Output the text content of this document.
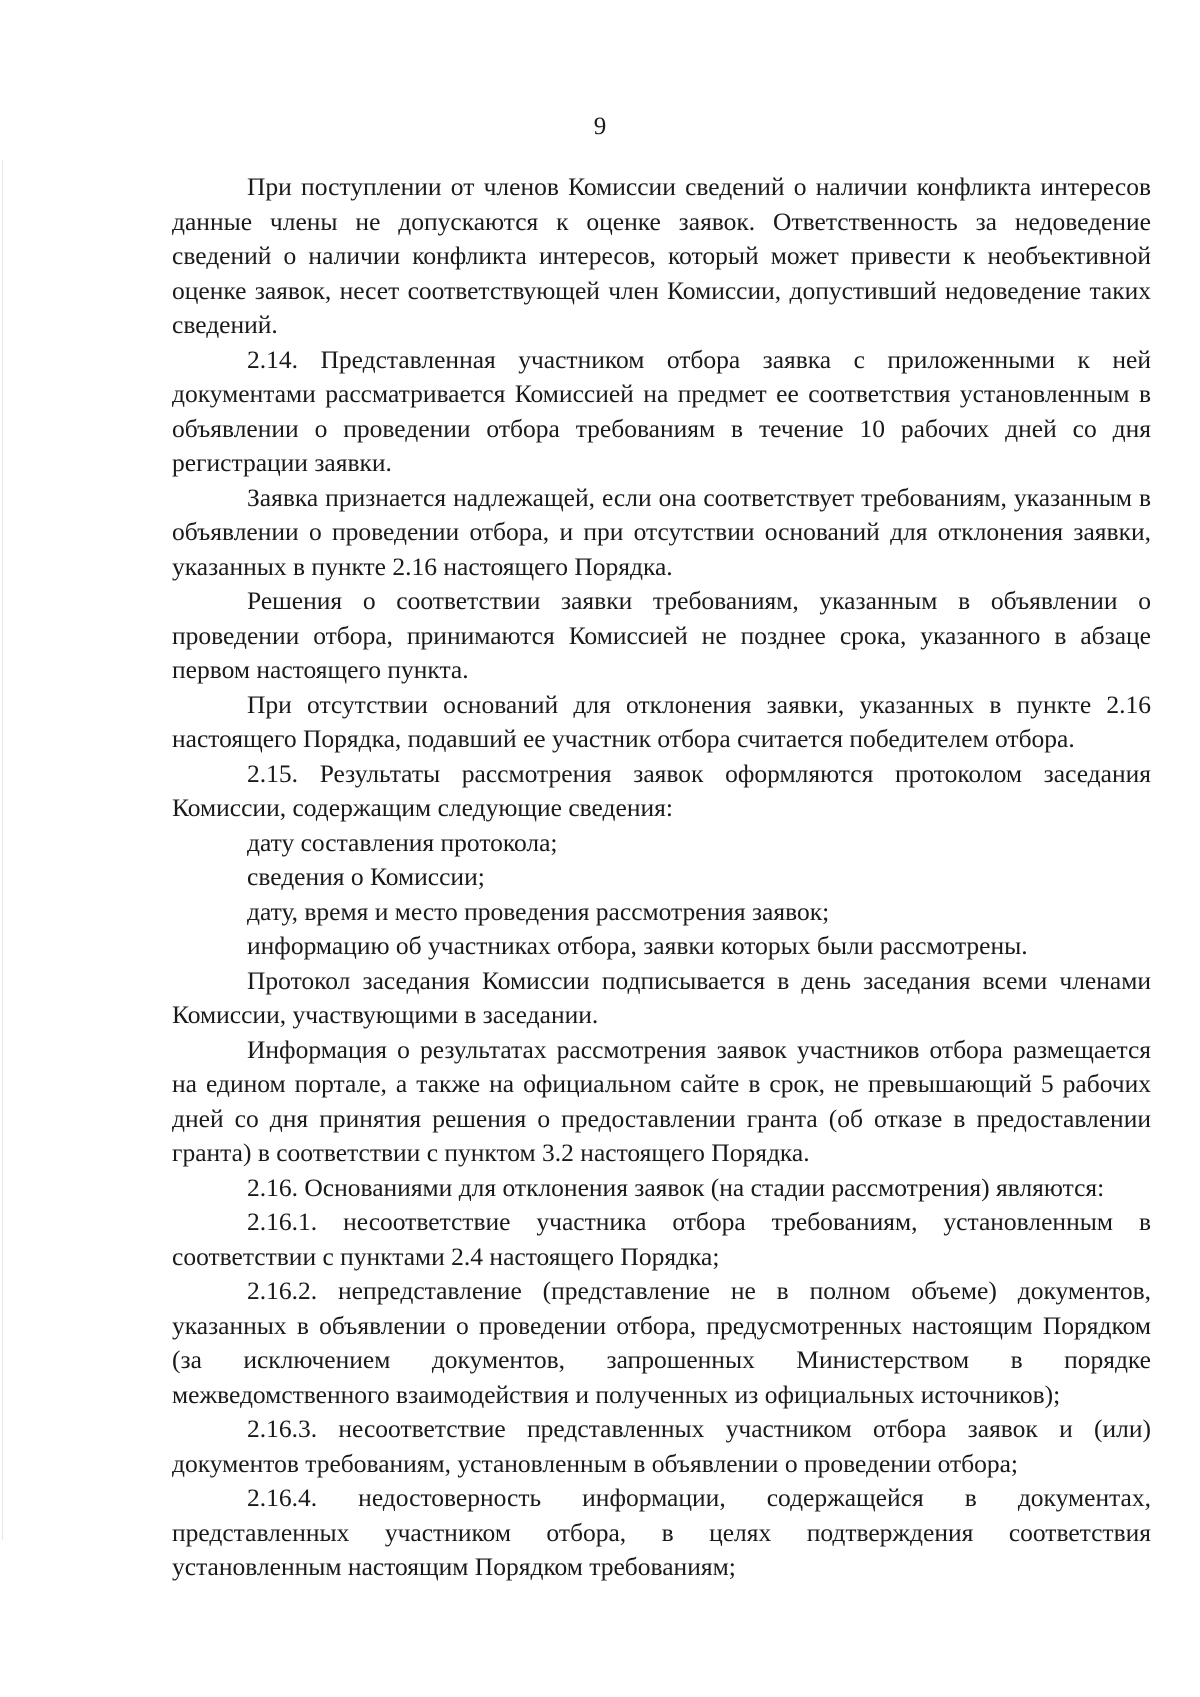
9

При поступлении от членов Комиссии сведений о наличии конфликта интересов данные члены не допускаются к оценке заявок. Ответственность за недоведение сведений о наличии конфликта интересов, который может привести к необъективной оценке заявок, несет соответствующей член Комиссии, допустивший недоведение таких сведений.

2.14. Представленная участником отбора заявка с приложенными к ней документами рассматривается Комиссией на предмет ее соответствия установленным в объявлении о проведении отбора требованиям в течение 10 рабочих дней со дня регистрации заявки.

Заявка признается надлежащей, если она соответствует требованиям, указанным в объявлении о проведении отбора, и при отсутствии оснований для отклонения заявки, указанных в пункте 2.16 настоящего Порядка.

Решения о соответствии заявки требованиям, указанным в объявлении о проведении отбора, принимаются Комиссией не позднее срока, указанного в абзаце первом настоящего пункта.

При отсутствии оснований для отклонения заявки, указанных в пункте 2.16 настоящего Порядка, подавший ее участник отбора считается победителем отбора.

2.15. Результаты рассмотрения заявок оформляются протоколом заседания Комиссии, содержащим следующие сведения:

дату составления протокола;

сведения о Комиссии;

дату, время и место проведения рассмотрения заявок;

информацию об участниках отбора, заявки которых были рассмотрены.

Протокол заседания Комиссии подписывается в день заседания всеми членами Комиссии, участвующими в заседании.

Информация о результатах рассмотрения заявок участников отбора размещается на едином портале, а также на официальном сайте в срок, не превышающий 5 рабочих дней со дня принятия решения о предоставлении гранта (об отказе в предоставлении гранта) в соответствии с пунктом 3.2 настоящего Порядка.

2.16. Основаниями для отклонения заявок (на стадии рассмотрения) являются:

2.16.1. несоответствие участника отбора требованиям, установленным в соответствии с пунктами 2.4 настоящего Порядка;

2.16.2. непредставление (представление не в полном объеме) документов, указанных в объявлении о проведении отбора, предусмотренных настоящим Порядком (за исключением документов, запрошенных Министерством в порядке межведомственного взаимодействия и полученных из официальных источников);

2.16.3. несоответствие представленных участником отбора заявок и (или) документов требованиям, установленным в объявлении о проведении отбора;

2.16.4. недостоверность информации, содержащейся в документах, представленных участником отбора, в целях подтверждения соответствия установленным настоящим Порядком требованиям;
